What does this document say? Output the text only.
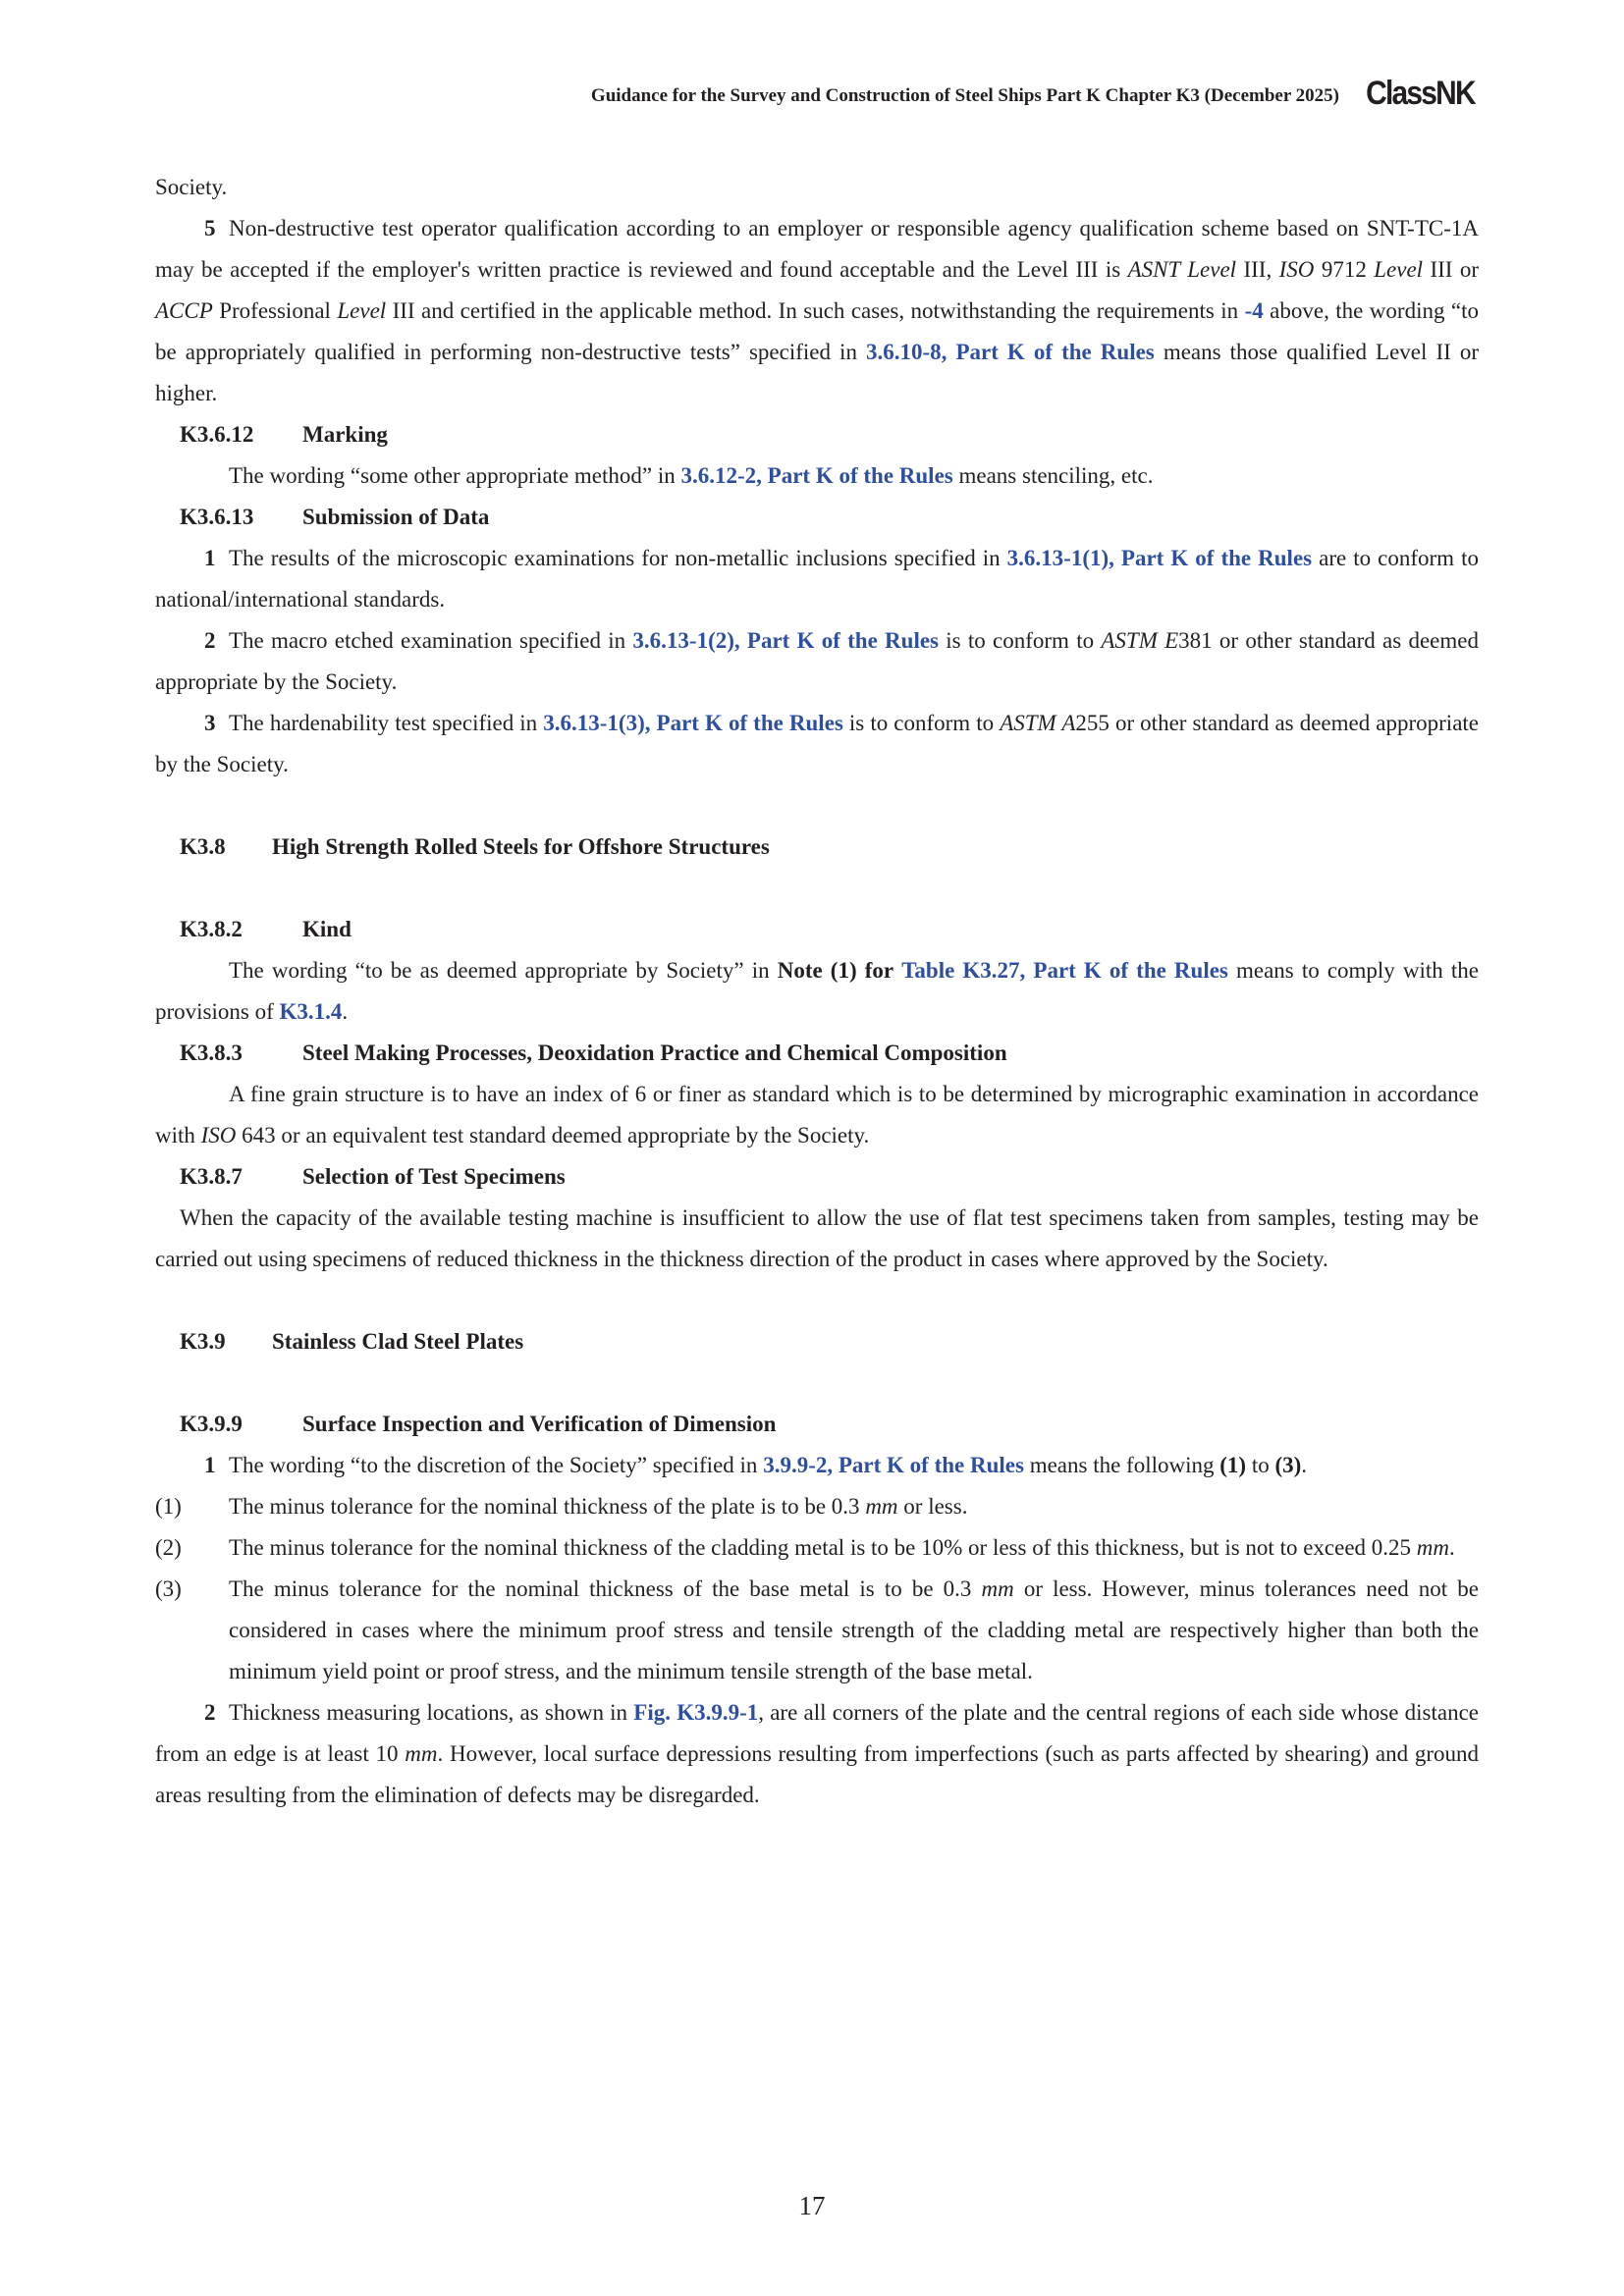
Guidance for the Survey and Construction of Steel Ships Part K Chapter K3 (December 2025) ClassNK

Society.

5 Non-destructive test operator qualification according to an employer or responsible agency qualification scheme based on SNT-TC-1A may be accepted if the employer's written practice is reviewed and found acceptable and the Level III is ASNT Level III, ISO 9712 Level III or ACCP Professional Level III and certified in the applicable method. In such cases, notwithstanding the requirements in -4 above, the wording “to be appropriately qualified in performing non-destructive tests” specified in 3.6.10-8, Part K of the Rules means those qualified Level II or higher.

K3.6.12 Marking

The wording “some other appropriate method” in 3.6.12-2, Part K of the Rules means stenciling, etc.

K3.6.13 Submission of Data

1 The results of the microscopic examinations for non-metallic inclusions specified in 3.6.13-1(1), Part K of the Rules are to conform to national/international standards.

2 The macro etched examination specified in 3.6.13-1(2), Part K of the Rules is to conform to ASTM E381 or other standard as deemed appropriate by the Society.

3 The hardenability test specified in 3.6.13-1(3), Part K of the Rules is to conform to ASTM A255 or other standard as deemed appropriate by the Society.

K3.8 High Strength Rolled Steels for Offshore Structures
K3.8.2	Kind

The wording “to be as deemed appropriate by Society” in Note (1) for Table K3.27, Part K of the Rules means to comply with the provisions of K3.1.4.

K3.8.3	Steel Making Processes, Deoxidation Practice and Chemical Composition

A fine grain structure is to have an index of 6 or finer as standard which is to be determined by micrographic examination in accordance with ISO 643 or an equivalent test standard deemed appropriate by the Society.

K3.8.7	Selection of Test Specimens

When the capacity of the available testing machine is insufficient to allow the use of flat test specimens taken from samples, testing may be carried out using specimens of reduced thickness in the thickness direction of the product in cases where approved by the Society.

K3.9 Stainless Clad Steel Plates
K3.9.9	Surface Inspection and Verification of Dimension

1 The wording “to the discretion of the Society” specified in 3.9.9-2, Part K of the Rules means the following (1) to (3).

(1) The minus tolerance for the nominal thickness of the plate is to be 0.3 mm or less.

(2) The minus tolerance for the nominal thickness of the cladding metal is to be 10% or less of this thickness, but is not to exceed 0.25 mm.

(3) The minus tolerance for the nominal thickness of the base metal is to be 0.3 mm or less. However, minus tolerances need not be considered in cases where the minimum proof stress and tensile strength of the cladding metal are respectively higher than both the minimum yield point or proof stress, and the minimum tensile strength of the base metal.

2 Thickness measuring locations, as shown in Fig. K3.9.9-1, are all corners of the plate and the central regions of each side whose distance from an edge is at least 10 mm. However, local surface depressions resulting from imperfections (such as parts affected by shearing) and ground areas resulting from the elimination of defects may be disregarded.

17
